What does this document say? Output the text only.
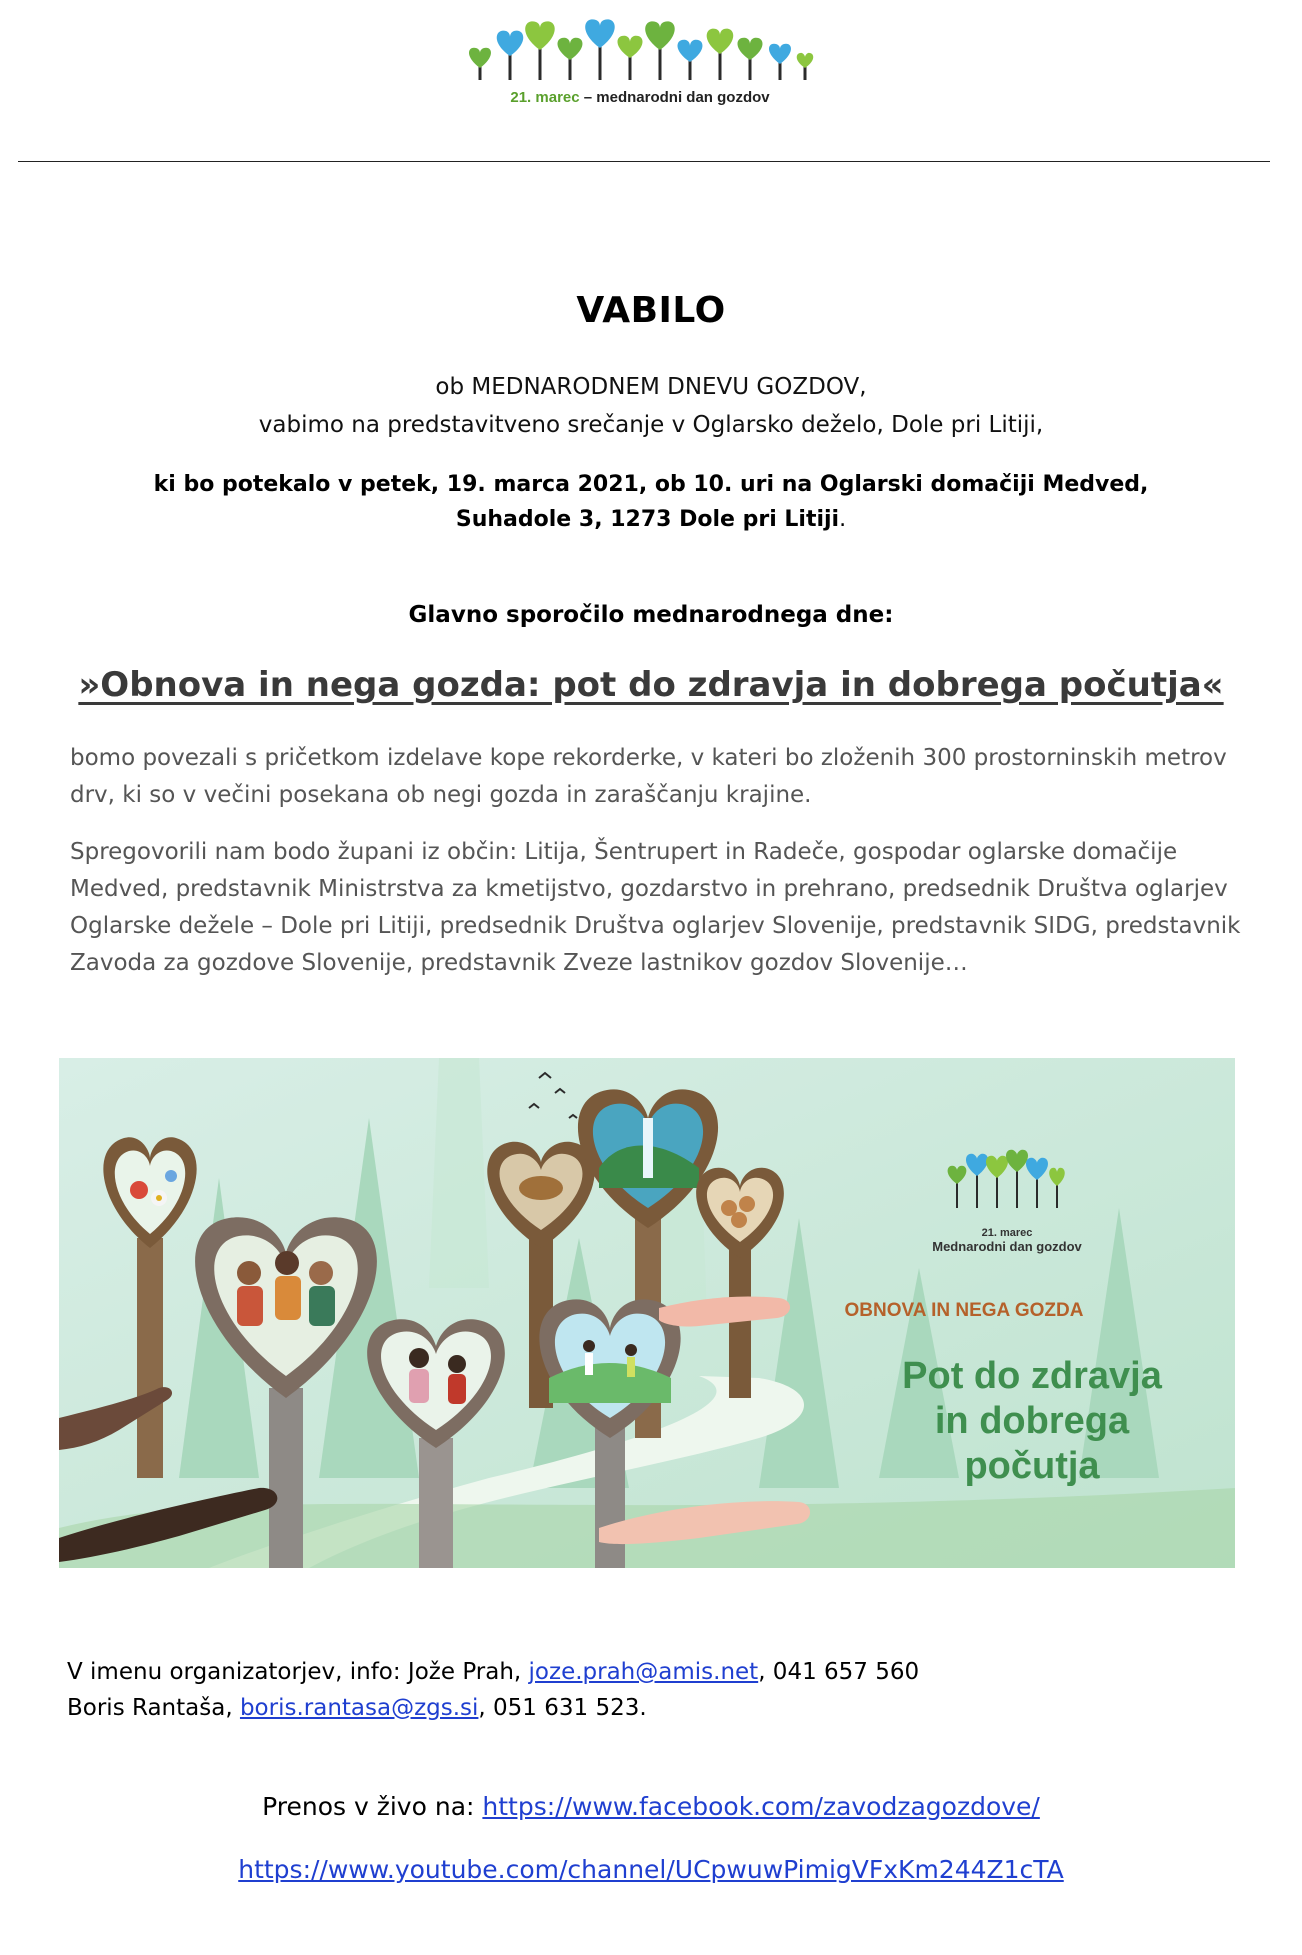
21. marec – mednarodni dan gozdov
VABILO
ob MEDNARODNEM DNEVU GOZDOV,
vabimo na predstavitveno srečanje v Oglarsko deželo, Dole pri Litiji,
ki bo potekalo v petek, 19. marca 2021, ob 10. uri na Oglarski domačiji Medved,
Suhadole 3, 1273 Dole pri Litiji.
Glavno sporočilo mednarodnega dne:
»Obnova in nega gozda: pot do zdravja in dobrega počutja«
bomo povezali s pričetkom izdelave kope rekorderke, v kateri bo zloženih 300 prostorninskih metrov drv, ki so v večini posekana ob negi gozda in zaraščanju krajine.
Spregovorili nam bodo župani iz občin: Litija, Šentrupert in Radeče, gospodar oglarske domačije Medved, predstavnik Ministrstva za kmetijstvo, gozdarstvo in prehrano, predsednik Društva oglarjev Oglarske dežele – Dole pri Litiji, predsednik Društva oglarjev Slovenije, predstavnik SIDG, predstavnik Zavoda za gozdove Slovenije, predstavnik Zveze lastnikov gozdov Slovenije…
21. marec
Mednarodni dan gozdov
OBNOVA IN NEGA GOZDA
Pot do zdravja
in dobrega
počutja
V imenu organizatorjev, info: Jože Prah, joze.prah@amis.net, 041 657 560
Boris Rantaša, boris.rantasa@zgs.si, 051 631 523.
Prenos v živo na: https://www.facebook.com/zavodzagozdove/
https://www.youtube.com/channel/UCpwuwPimigVFxKm244Z1cTA
